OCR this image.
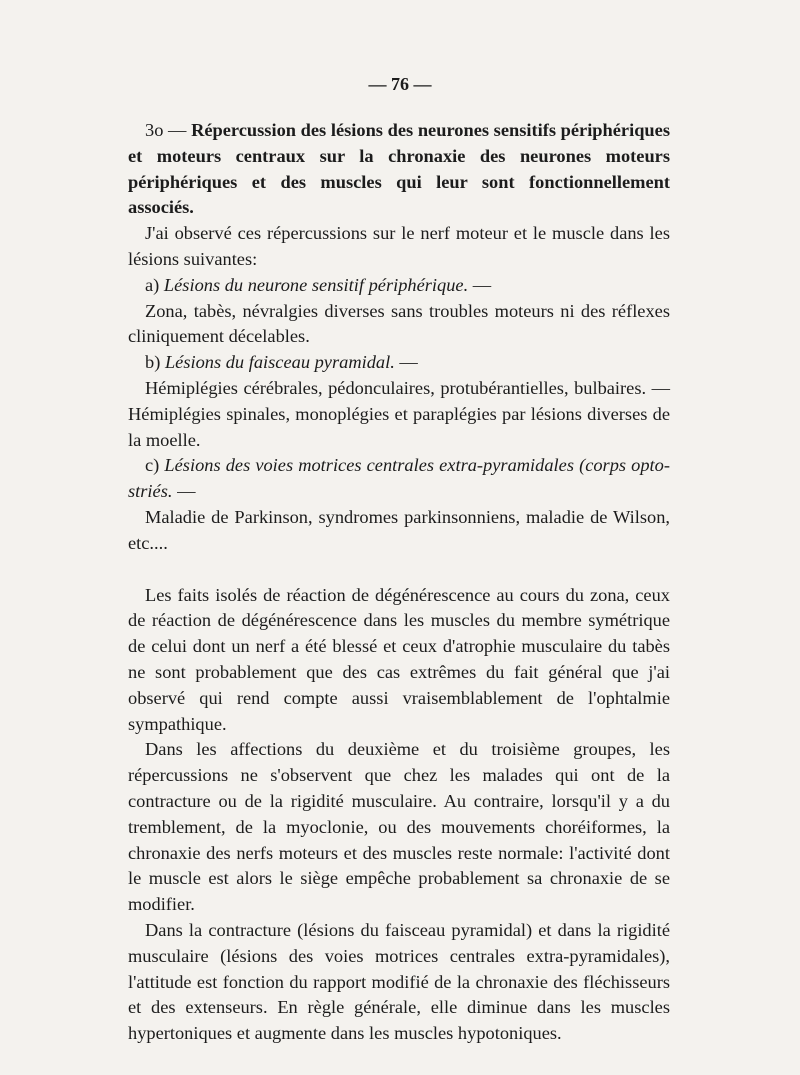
— 76 —

3o — Répercussion des lésions des neurones sensitifs périphériques et moteurs centraux sur la chronaxie des neurones moteurs périphériques et des muscles qui leur sont fonctionnellement associés.

J'ai observé ces répercussions sur le nerf moteur et le muscle dans les lésions suivantes:

a) Lésions du neurone sensitif périphérique. —

Zona, tabès, névralgies diverses sans troubles moteurs ni des réflexes cliniquement décelables.

b) Lésions du faisceau pyramidal. —

Hémiplégies cérébrales, pédonculaires, protubérantielles, bulbaires. — Hémiplégies spinales, monoplégies et paraplégies par lésions diverses de la moelle.

c) Lésions des voies motrices centrales extra-pyramidales (corps opto-striés. —

Maladie de Parkinson, syndromes parkinsonniens, maladie de Wilson, etc....

Les faits isolés de réaction de dégénérescence au cours du zona, ceux de réaction de dégénérescence dans les muscles du membre symétrique de celui dont un nerf a été blessé et ceux d'atrophie musculaire du tabès ne sont probablement que des cas extrêmes du fait général que j'ai observé qui rend compte aussi vraisemblablement de l'ophtalmie sympathique.

Dans les affections du deuxième et du troisième groupes, les répercussions ne s'observent que chez les malades qui ont de la contracture ou de la rigidité musculaire. Au contraire, lorsqu'il y a du tremblement, de la myoclonie, ou des mouvements choréiformes, la chronaxie des nerfs moteurs et des muscles reste normale: l'activité dont le muscle est alors le siège empêche probablement sa chronaxie de se modifier.

Dans la contracture (lésions du faisceau pyramidal) et dans la rigidité musculaire (lésions des voies motrices centrales extra-pyramidales), l'attitude est fonction du rapport modifié de la chronaxie des fléchisseurs et des extenseurs. En règle générale, elle diminue dans les muscles hypertoniques et augmente dans les muscles hypotoniques.
